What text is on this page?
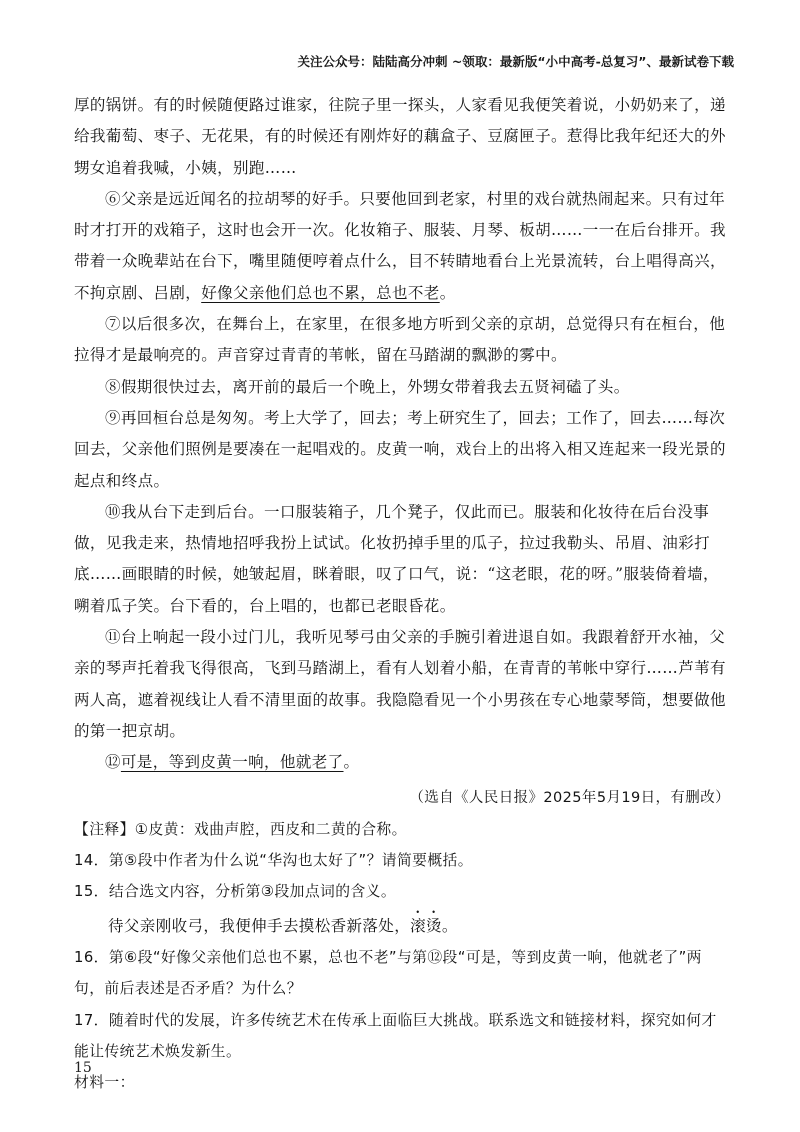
关注公众号：陆陆高分冲刺 ~领取：最新版“小中高考-总复习”、最新试卷下载

厚的锅饼。有的时候随便路过谁家，往院子里一探头，人家看见我便笑着说，小奶奶来了，递给我葡萄、枣子、无花果，有的时候还有刚炸好的藕盒子、豆腐匣子。惹得比我年纪还大的外甥女追着我喊，小姨，别跑……

⑥父亲是远近闻名的拉胡琴的好手。只要他回到老家，村里的戏台就热闹起来。只有过年时才打开的戏箱子，这时也会开一次。化妆箱子、服装、月琴、板胡……一一在后台排开。我带着一众晚辈站在台下，嘴里随便哼着点什么，目不转睛地看台上光景流转，台上唱得高兴，不拘京剧、吕剧，好像父亲他们总也不累，总也不老。

⑦以后很多次，在舞台上，在家里，在很多地方听到父亲的京胡，总觉得只有在桓台，他拉得才是最响亮的。声音穿过青青的苇帐，留在马踏湖的飘渺的雾中。

⑧假期很快过去，离开前的最后一个晚上，外甥女带着我去五贤祠磕了头。

⑨再回桓台总是匆匆。考上大学了，回去；考上研究生了，回去；工作了，回去……每次回去，父亲他们照例是要凑在一起唱戏的。皮黄一响，戏台上的出将入相又连起来一段光景的起点和终点。

⑩我从台下走到后台。一口服装箱子，几个凳子，仅此而已。服装和化妆待在后台没事做，见我走来，热情地招呼我扮上试试。化妆扔掉手里的瓜子，拉过我勒头、吊眉、油彩打底……画眼睛的时候，她皱起眉，眯着眼，叹了口气，说：“这老眼，花的呀。”服装倚着墙，嗍着瓜子笑。台下看的，台上唱的，也都已老眼昏花。

⑪台上响起一段小过门儿，我听见琴弓由父亲的手腕引着进退自如。我跟着舒开水袖，父亲的琴声托着我飞得很高，飞到马踏湖上，看有人划着小船，在青青的苇帐中穿行……芦苇有两人高，遮着视线让人看不清里面的故事。我隐隐看见一个小男孩在专心地蒙琴筒，想要做他的第一把京胡。

⑫可是，等到皮黄一响，他就老了。

（选自《人民日报》2025年5月19日，有删改）

【注释】①皮黄：戏曲声腔，西皮和二黄的合称。

14．第⑤段中作者为什么说“华沟也太好了”？请简要概括。

15．结合选文内容，分析第③段加点词的含义。

待父亲刚收弓，我便伸手去摸松香新落处，滚烫。

16．第⑥段“好像父亲他们总也不累，总也不老”与第⑫段“可是，等到皮黄一响，他就老了”两句，前后表述是否矛盾？为什么？

17．随着时代的发展，许多传统艺术在传承上面临巨大挑战。联系选文和链接材料，探究如何才能让传统艺术焕发新生。

材料一：

15
